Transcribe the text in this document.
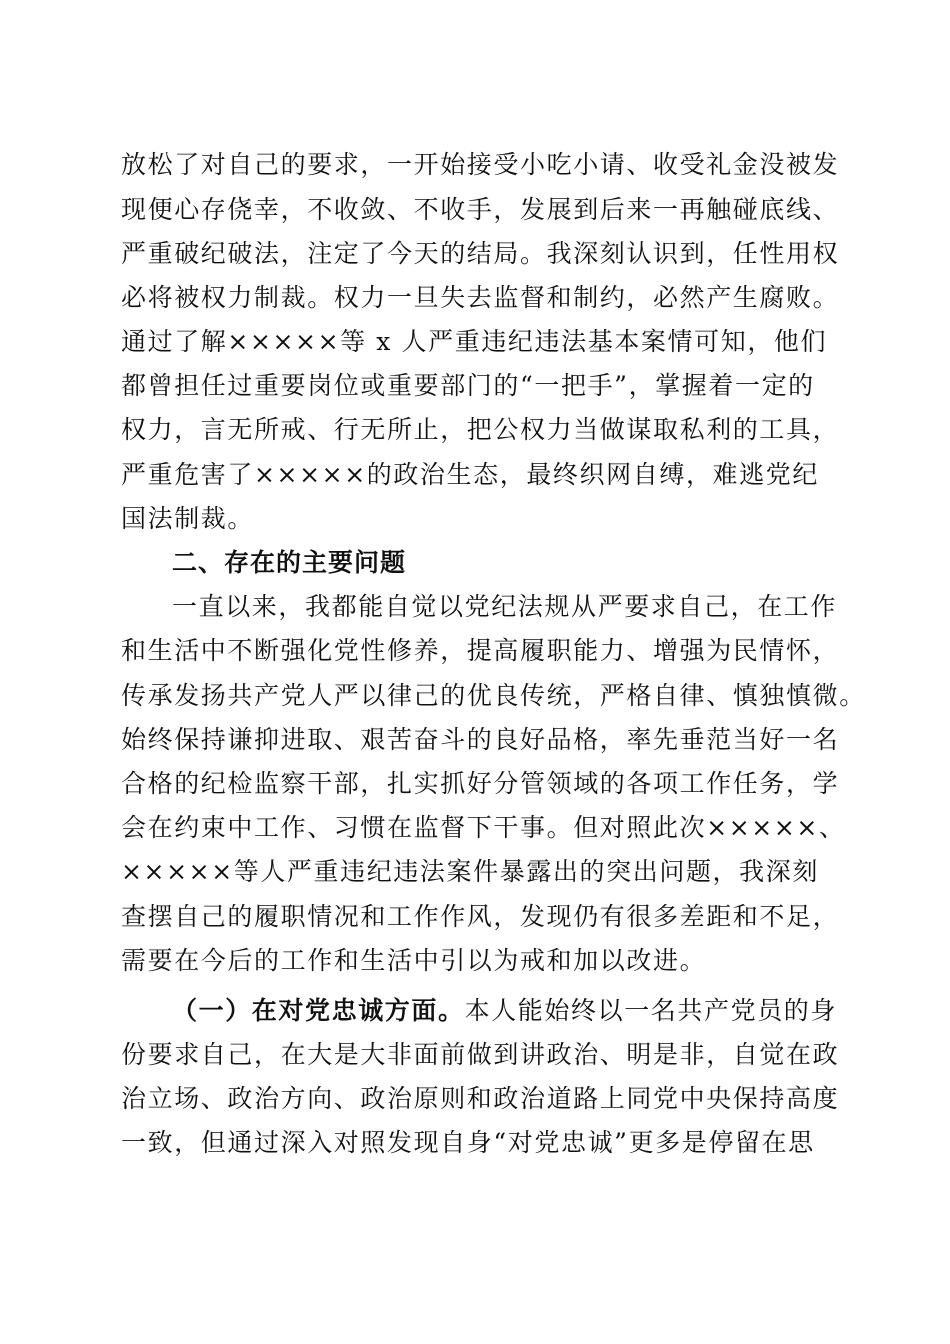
放松了对自己的要求，一开始接受小吃小请、收受礼金没被发
现便心存侥幸，不收敛、不收手，发展到后来一再触碰底线、
严重破纪破法，注定了今天的结局。我深刻认识到，任性用权
必将被权力制裁。权力一旦失去监督和制约，必然产生腐败。
通过了解×××××等 x 人严重违纪违法基本案情可知，他们
都曾担任过重要岗位或重要部门的“一把手”，掌握着一定的
权力，言无所戒、行无所止，把公权力当做谋取私利的工具，
严重危害了×××××的政治生态，最终织网自缚，难逃党纪
国法制裁。
二、存在的主要问题
一直以来，我都能自觉以党纪法规从严要求自己，在工作
和生活中不断强化党性修养，提高履职能力、增强为民情怀，
传承发扬共产党人严以律己的优良传统，严格自律、慎独慎微。
始终保持谦抑进取、艰苦奋斗的良好品格，率先垂范当好一名
合格的纪检监察干部，扎实抓好分管领域的各项工作任务，学
会在约束中工作、习惯在监督下干事。但对照此次×××××、
×××××等人严重违纪违法案件暴露出的突出问题，我深刻
查摆自己的履职情况和工作作风，发现仍有很多差距和不足，
需要在今后的工作和生活中引以为戒和加以改进。
（一）在对党忠诚方面。本人能始终以一名共产党员的身
份要求自己，在大是大非面前做到讲政治、明是非，自觉在政
治立场、政治方向、政治原则和政治道路上同党中央保持高度
一致，但通过深入对照发现自身“对党忠诚”更多是停留在思
